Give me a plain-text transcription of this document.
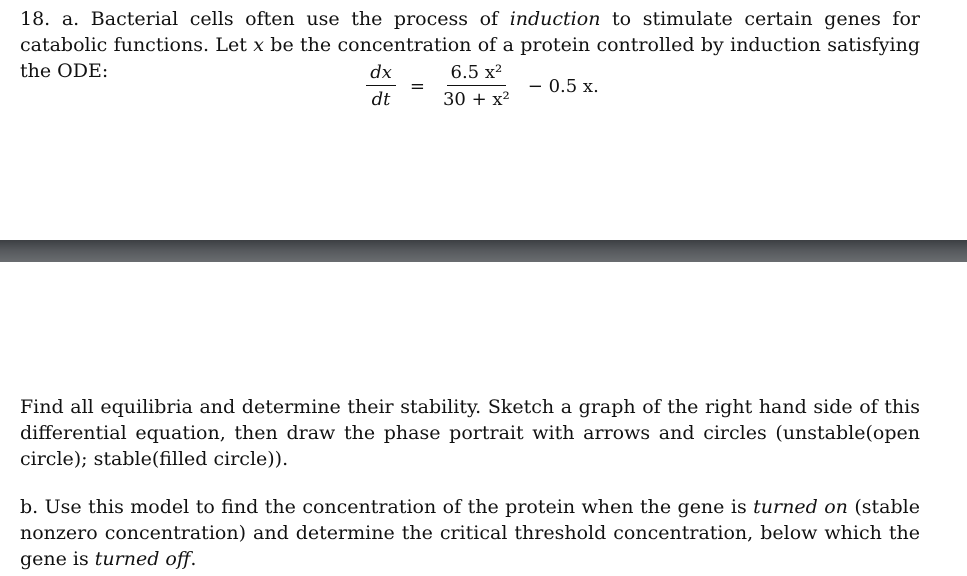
18. a. Bacterial cells often use the process of induction to stimulate certain genes for catabolic functions. Let x be the concentration of a protein controlled by induction satisfying the ODE:	$\frac{dx}{dt} = \frac{\text{6.5 x²}}{\text{30 + x²}} - 0.5$ x.
Find all equilibria and determine their stability. Sketch a graph of the right hand side of this differential equation, then draw the phase portrait with arrows and circles (unstable(open circle); stable(filled circle)).
b. Use this model to find the concentration of the protein when the gene is turned on (stable nonzero concentration) and determine the critical threshold concentration, below which the gene is turned off.
